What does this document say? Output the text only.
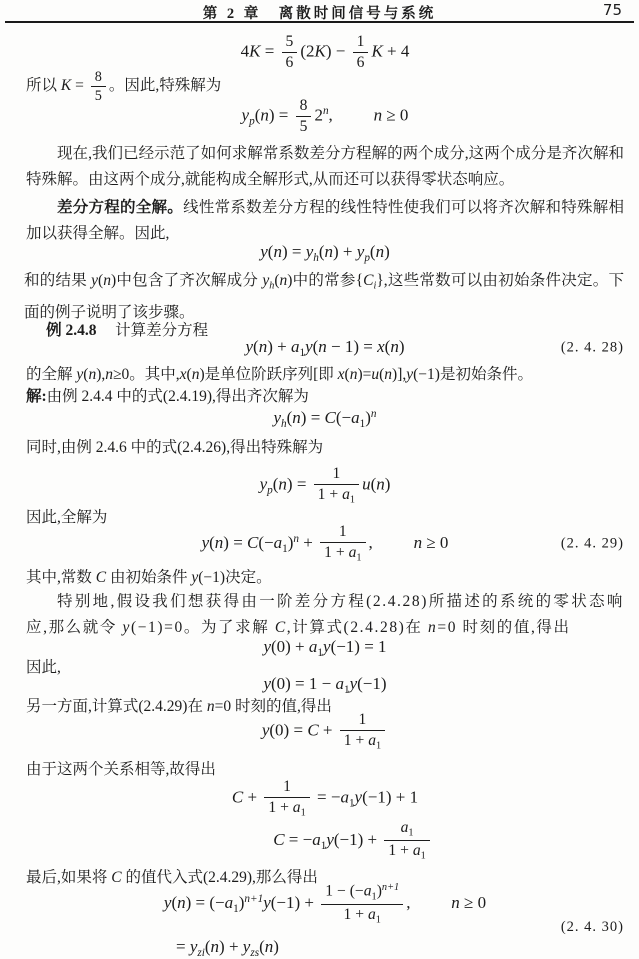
第 2 章　离散时间信号与系统	75
$4K = \frac{5}{6} (2K) - \frac{1}{6}$ K + 4
所以 $K = \frac{8}{5}$ 。因此,特殊解为
$y_p(n) = \frac{8}{5} 2^n$, n ≥ 0
现在,我们已经示范了如何求解常系数差分方程解的两个成分,这两个成分是齐次解和特殊解。由这两个成分,就能构成全解形式,从而还可以获得零状态响应。
差分方程的全解。线性常系数差分方程的线性特性使我们可以将齐次解和特殊解相加以获得全解。因此,
$y(n) = y_h(n) + y_p(n)$
和的结果 y(n)中包含了齐次解成分 $y_h(n)$中的常参$\{C_i\}$,这些常数可以由初始条件决定。下面的例子说明了该步骤。
例 2.4.8 计算差分方程
$y(n) + a_1y(n - 1) = x(n)$	(2. 4. 28)
的全解 y(n),n≥0。其中,x(n)是单位阶跃序列[即 x(n)=u(n)],y(−1)是初始条件。
解:由例 2.4.4 中的式(2.4.19),得出齐次解为
$y_h(n) = C(-a_1)^n$
同时,由例 2.4.6 中的式(2.4.26),得出特殊解为
$y_p(n) = \frac{1}{1 + a_1} u(n)$
因此,全解为
$y(n) = C(-a_1)^n + \frac{1}{1 + a_1}$ , n ≥ 0	(2. 4. 29)
其中,常数 C 由初始条件 y(−1)决定。
特别地,假设我们想获得由一阶差分方程(2.4.28)所描述的系统的零状态响应,那么就令 y(−1)=0。为了求解 C,计算式(2.4.28)在 n=0 时刻的值,得出
$y(0) + a_1y(-1) = 1$
因此,
$y(0) = 1 - a_1y(-1)$
另一方面,计算式(2.4.29)在 n=0 时刻的值,得出
$y(0) = C + \frac{1}{1 + a_1}$
由于这两个关系相等,故得出
$C + \frac{1}{1 + a_1} = -a_1y(-1) + 1$
$C = -a_1y(-1) + \frac{a_1}{1 + a_1}$
最后,如果将 C 的值代入式(2.4.29),那么得出
$y(n) = (-a_1)^{n+1}y(-1) + \frac{1 - (-a_1)^{n+1}}{1 + a_1}$ , n ≥ 0
(2. 4. 30)
= $y_{zi}(n) + y_{zs}(n)$
